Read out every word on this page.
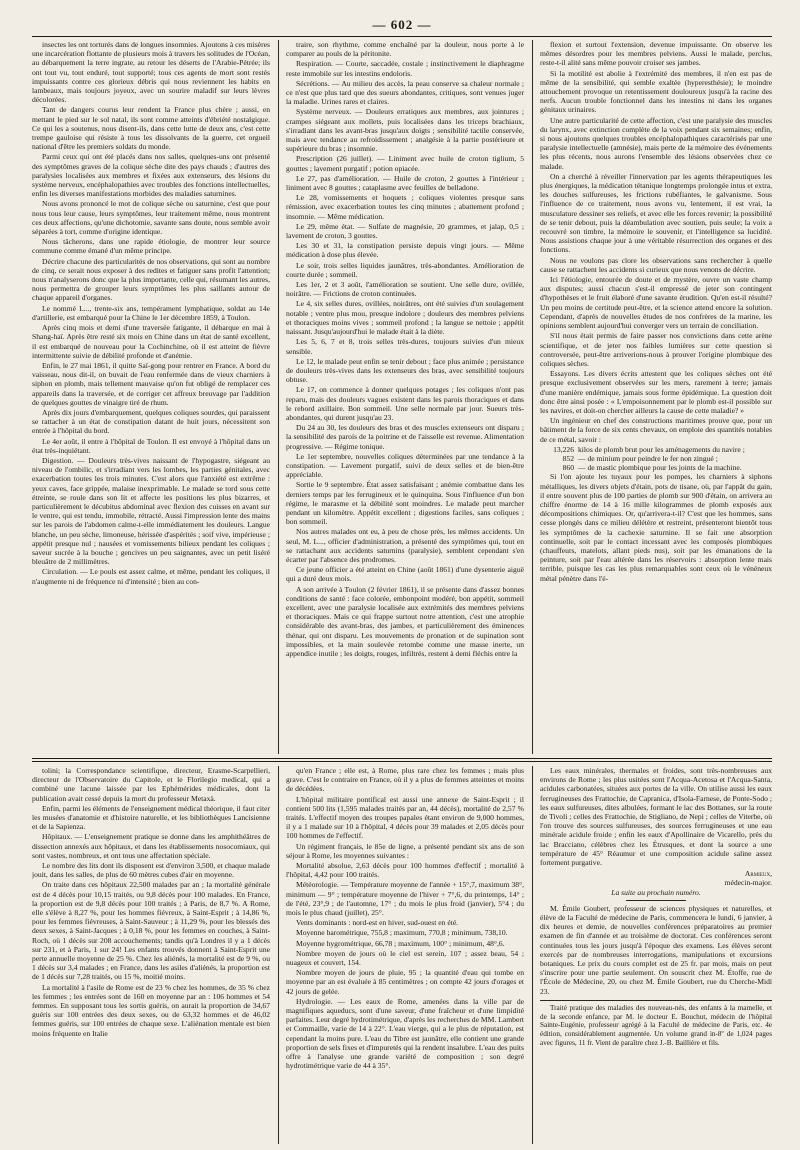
— 602 —

insectes les ont torturés dans de longues insomnies. Ajoutons à ces misères une incarcération flottante de plusieurs mois à travers les solitudes de l'Océan, au débarquement la terre ingrate, au retour les déserts de l'Arabie-Pétrée; ils ont tout vu, tout enduré, tout supporté; tous ces agents de mort sont restés impuissants contre ces glorieux débris qui nous reviennent les habits en lambeaux, mais toujours joyeux, avec un sourire maladif sur leurs lèvres décolorées.

Tant de dangers courus leur rendent la France plus chère ; aussi, en mettant le pied sur le sol natal, ils sont comme atteints d'ébriété nostalgique. Ce qui les a soutenus, nous disent-ils, dans cette lutte de deux ans, c'est cette trempe gauloise qui résiste à tous les dissolvants de la guerre, cet orgueil national d'être les premiers soldats du monde.

Parmi ceux qui ont été placés dans nos salles, quelques-uns ont présenté des symptômes graves de la colique sèche dite des pays chauds ; d'autres des paralysies localisées aux membres et fixées aux extenseurs, des lésions du système nerveux, encéphalopathies avec troubles des fonctions intellectuelles, enfin les diverses manifestations morbides des maladies saturnines.

Nous avons prononcé le mot de colique sèche ou saturnine, c'est que pour nous tous leur cause, leurs symptômes, leur traitement même, nous montrent ces deux affections, qu'une dichotomie, savante sans doute, nous semble avoir séparées à tort, comme d'origine identique.

Nous tâcherons, dans une rapide étiologie, de montrer leur source commune comme émané d'un même principe.

Décrire chacune des particularités de nos observations, qui sont au nombre de cinq, ce serait nous exposer à des redites et fatiguer sans profit l'attention; nous n'analyserons donc que la plus importante, celle qui, résumant les autres, nous permettra de grouper leurs symptômes les plus saillants autour de chaque appareil d'organes.

Le nommé L..., trente-six ans, tempérament lymphatique, soldat au 14e d'artillerie, est embarqué pour la Chine le 1er décembre 1859, à Toulon.

Après cinq mois et demi d'une traversée fatigante, il débarque en mai à Shang-haï. Après être resté six mois en Chine dans un état de santé excellent, il est embarqué de nouveau pour la Cochinchine, où il est atteint de fièvre intermittente suivie de débilité profonde et d'anémie.

Enfin, le 27 mai 1861, il quitte Saï-gong pour rentrer en France. A bord du vaisseau, nous dit-il, on buvait de l'eau renfermée dans de vieux charniers à siphon en plomb, mais tellement mauvaise qu'on fut obligé de remplacer ces appareils dans la traversée, et de corriger cet affreux breuvage par l'addition de quelques gouttes de vinaigre tiré de rhum.

Après dix jours d'embarquement, quelques coliques sourdes, qui paraissent se rattacher à un état de constipation datant de huit jours, nécessitent son entrée à l'hôpital du bord.

Le 4er août, il entre à l'hôpital de Toulon. Il est envoyé à l'hôpital dans un état très-inquiétant.

Digestion. — Douleurs très-vives naissant de l'hypogastre, siégeant au niveau de l'ombilic, et s'irradiant vers les lombes, les parties génitales, avec exacerbation toutes les trois minutes. C'est alors que l'anxiété est extrême : yeux caves, face grippée, malaise inexprimable. Le malade se tord sous cette étreinte, se roule dans son lit et affecte les positions les plus bizarres, et particulièrement le décubitus abdominal avec flexion des cuisses en avant sur le ventre, qui est tendu, immobile, rétracté. Aussi l'impression lente des mains sur les parois de l'abdomen calme-t-elle immédiatement les douleurs. Langue blanche, un peu sèche, limoneuse, hérissée d'aspérités ; soif vive, impérieuse ; appétit presque nul ; nausées et vomissements bilieux pendant les coliques ; saveur sucrée à la bouche ; gencives un peu saignantes, avec un petit liséré bleuâtre de 2 millimètres.

Circulation. — Le pouls est assez calme, et même, pendant les coliques, il n'augmente ni de fréquence ni d'intensité ; bien au con-

traire, son rhythme, comme enchaîné par la douleur, nous porte à le comparer au pouls de la péritonite.

Respiration. — Courte, saccadée, costale ; instinctivement le diaphragme reste immobile sur les intestins endoloris.

Sécrétions. — Au milieu des accès, la peau conserve sa chaleur normale ; ce n'est que plus tard que des sueurs abondantes, critiques, sont venues juger la maladie. Urines rares et claires.

Système nerveux. — Douleurs erratiques aux membres, aux jointures ; crampes siégeant aux mollets, puis localisées dans les triceps brachiaux, s'irradiant dans les avant-bras jusqu'aux doigts ; sensibilité tactile conservée, mais avec tendance au refroidissement ; analgésie à la partie postérieure et supérieure du bras ; insomnie.

Prescription (26 juillet). — Liniment avec huile de croton tiglium, 5 gouttes ; lavement purgatif ; potion opiacée.

Le 27, pas d'amélioration. — Huile de croton, 2 gouttes à l'intérieur ; liniment avec 8 gouttes ; cataplasme avec feuilles de belladone.

Le 28, vomissements et hoquets ; coliques violentes presque sans rémission, avec exacerbation toutes les cinq minutes ; abattement profond ; insomnie. — Même médication.

Le 29, même état. — Sulfate de magnésie, 20 grammes, et jalap, 0,5 ; lavement de croton, 3 gouttes.

Les 30 et 31, la constipation persiste depuis vingt jours. — Même médication à dose plus élevée.

Le soir, trois selles liquides jaunâtres, très-abondantes. Amélioration de courte durée ; sommeil.

Les 1er, 2 et 3 août, l'amélioration se soutient. Une selle dure, ovillée, noirâtre. — Frictions de croton continuées.

Le 4, six selles dures, ovillées, noirâtres, ont été suivies d'un soulagement notable ; ventre plus mou, presque indolore ; douleurs des membres pelviens et thoraciques moins vives ; sommeil profond ; la langue se nettoie ; appétit naissant. Jusqu'aujourd'hui le malade était à la diète.

Les 5, 6, 7 et 8, trois selles très-dures, toujours suivies d'un mieux sensible.

Le 12, le malade peut enfin se tenir debout ; face plus animée ; persistance de douleurs très-vives dans les extenseurs des bras, avec sensibilité toujours obtuse.

Le 17, on commence à donner quelques potages ; les coliques n'ont pas reparu, mais des douleurs vagues existent dans les parois thoraciques et dans le rebord axillaire. Bon sommeil. Une selle normale par jour. Sueurs très-abondantes, qui durent jusqu'au 23.

Du 24 au 30, les douleurs des bras et des muscles extenseurs ont disparu ; la sensibilité des parois de la poitrine et de l'aisselle est revenue. Alimentation progressive. — Régime tonique.

Le 1er septembre, nouvelles coliques déterminées par une tendance à la constipation. — Lavement purgatif, suivi de deux selles et de bien-être appréciable.

Sortie le 9 septembre. État assez satisfaisant ; anémie combattue dans les derniers temps par les ferrugineux et le quinquina. Sous l'influence d'un bon régime, le marasme et la débilité sont moindres. Le malade peut marcher pendant un kilomètre. Appétit excellent ; digestions faciles, sans coliques ; bon sommeil.

Nos autres malades ont eu, à peu de chose près, les mêmes accidents. Un seul, M. L..., officier d'administration, a présenté des symptômes qui, tout en se rattachant aux accidents saturnins (paralysie), semblent cependant s'en écarter par l'absence des prodromes.

Ce jeune officier a été atteint en Chine (août 1861) d'une dysenterie aiguë qui a duré deux mois.

A son arrivée à Toulon (2 février 1861), il se présente dans d'assez bonnes conditions de santé : face colorée, embonpoint modéré, bon appétit, sommeil excellent, avec une paralysie localisée aux extrémités des membres pelviens et thoraciques. Mais ce qui frappe surtout notre attention, c'est une atrophie considérable des avant-bras, des jambes, et particulièrement des éminences thénar, qui ont disparu. Les mouvements de pronation et de supination sont impossibles, et la main soulevée retombe comme une masse inerte, un appendice inutile ; les doigts, rouges, infiltrés, restent à demi fléchis entre la

flexion et surtout l'extension, devenue impuissante. On observe les mêmes désordres pour les membres pelviens. Aussi le malade, perclus, reste-t-il alité sans même pouvoir croiser ses jambes.

Si la motilité est abolie à l'extrémité des membres, il n'en est pas de même de la sensibilité, qui semble exaltée (hyperesthésie); le moindre attouchement provoque un retentissement douloureux jusqu'à la racine des nerfs. Aucun trouble fonctionnel dans les intestins ni dans les organes génitaux urinaires.

Une autre particularité de cette affection, c'est une paralysie des muscles du larynx, avec extinction complète de la voix pendant six semaines; enfin, si nous ajoutons quelques troubles encéphalopathiques caractérisés par une paralysie intellectuelle (amnésie), mais perte de la mémoire des événements les plus récents, nous aurons l'ensemble des lésions observées chez ce malade.

On a cherché à réveiller l'innervation par les agents thérapeutiques les plus énergiques, la médication tétanique longtemps prolongée intus et extra, les douches sulfureuses, les frictions rubéfiantes, le galvanisme. Sous l'influence de ce traitement, nous avons vu, lentement, il est vrai, la musculature dessiner ses reliefs, et avec elle les forces revenir; la possibilité de se tenir debout, puis la déambulation avec soutien, puis seule; la voix a recouvré son timbre, la mémoire le souvenir, et l'intelligence sa lucidité. Nous assistions chaque jour à une véritable résurrection des organes et des fonctions.

Nous ne voulons pas clore les observations sans rechercher à quelle cause se rattachent les accidents si curieux que nous venons de décrire.

Ici l'étiologie, entourée de doute et de mystère, ouvre un vaste champ aux disputes; aussi chacun s'est-il empressé de jeter son contingent d'hypothèses et le fruit élaboré d'une savante érudition. Qu'en est-il résulté? Un peu moins de certitude peut-être, et la science attend encore la solution. Cependant, d'après de nouvelles études de nos confrères de la marine, les opinions semblent aujourd'hui converger vers un terrain de conciliation.

S'il nous était permis de faire passer nos convictions dans cette arène scientifique, et de jeter nos faibles lumières sur cette question si controversée, peut-être arriverions-nous à prouver l'origine plombique des coliques sèches.

Essayons. Les divers écrits attestent que les coliques sèches ont été presque exclusivement observées sur les mers, rarement à terre; jamais d'une manière endémique, jamais sous forme épidémique. La question doit donc être ainsi posée : « L'empoisonnement par le plomb est-il possible sur les navires, et doit-on chercher ailleurs la cause de cette maladie? »

Un ingénieur en chef des constructions maritimes prouve que, pour un bâtiment de la force de six cents chevaux, on emploie des quantités notables de ce métal, savoir :

13,226 kilos de plomb brut pour les aménagements du navire ;
852 — de minium pour peindre le fer non zingué ;
860 — de mastic plombique pour les joints de la machine.

Si l'on ajoute les tuyaux pour les pompes, les charniers à siphons métalliques, les divers objets d'étain, pots de tisane, où, par l'appât du gain, il entre souvent plus de 100 parties de plomb sur 900 d'étain, on arrivera au chiffre énorme de 14 à 16 mille kilogrammes de plomb exposés aux décompositions chimiques. Or, qu'arrivera-t-il? C'est que les hommes, sans cesse plongés dans ce milieu délétère et restreint, présenteront bientôt tous les symptômes de la cachexie saturnine. Il se fait une absorption continuelle, soit par le contact incessant avec les composés plombiques (chauffeurs, matelots, allant pieds nus), soit par les émanations de la peinture, soit par l'eau altérée dans les réservoirs : absorption lente mais terrible, puisque les cas les plus remarquables sont ceux où le vénéneux métal pénètre dans l'é-

tolini; la Correspondance scientifique, directeur, Erasme-Scarpellieri, directeur de l'Observatoire du Capitole, et le Florilegio medical, qui a combiné une lacune laissée par les Ephémérides médicales, dont la publication avait cessé depuis la mort du professeur Metaxà.

Enfin, parmi les éléments de l'enseignement médical théorique, il faut citer les musées d'anatomie et d'histoire naturelle, et les bibliothèques Lancisienne et de la Sapienza.

Hôpitaux. — L'enseignement pratique se donne dans les amphithéâtres de dissection annexés aux hôpitaux, et dans les établissements nosocomiaux, qui sont vastes, nombreux, et ont tous une affectation spéciale.

Le nombre des lits dont ils disposent est d'environ 3,500, et chaque malade jouit, dans les salles, de plus de 60 mètres cubes d'air en moyenne.

On traite dans ces hôpitaux 22,500 malades par an ; la mortalité générale est de 4 décès pour 10,15 traités, ou 9,8 décès pour 100 malades. En France, la proportion est de 9,8 décès pour 100 traités ; à Paris, de 8,7 %. A Rome, elle s'élève à 8,27 %, pour les hommes fiévreux, à Saint-Esprit ; à 14,86 %, pour les femmes fiévreuses, à Saint-Sauveur ; à 11,29 %, pour les blessés des deux sexes, à Saint-Jacques ; à 0,18 %, pour les femmes en couches, à Saint-Roch, où 1 décès sur 208 accouchements; tandis qu'à Londres il y a 1 décès sur 231, et à Paris, 1 sur 24! Les enfants trouvés donnent à Saint-Esprit une perte annuelle moyenne de 25 %. Chez les aliénés, la mortalité est de 9 %, ou 1 décès sur 3,4 malades ; en France, dans les asiles d'aliénés, la proportion est de 1 décès sur 7,28 traités, ou 15 %, moitié moins.

La mortalité à l'asile de Rome est de 23 % chez les hommes, de 35 % chez les femmes ; les entrées sont de 160 en moyenne par an : 106 hommes et 54 femmes. En supposant tous les sortis guéris, on aurait la proportion de 34,67 guéris sur 100 entrées des deux sexes, ou de 63,32 hommes et de 46,02 femmes guéris, sur 100 entrées de chaque sexe. L'aliénation mentale est bien moins fréquente en Italie

qu'en France ; elle est, à Rome, plus rare chez les femmes ; mais plus grave. C'est le contraire en France, où il y a plus de femmes atteintes et moins de décédées.

L'hôpital militaire pontifical est aussi une annexe de Saint-Esprit ; il contient 500 lits (1,595 malades traités par an, 44 décès), mortalité de 2,57 % traités. L'effectif moyen des troupes papales étant environ de 9,000 hommes, il y a 1 malade sur 10 à l'hôpital, 4 décès pour 39 malades et 2,05 décès pour 100 hommes de l'effectif.

Un régiment français, le 85e de ligne, a présenté pendant six ans de son séjour à Rome, les moyennes suivantes :

Mortalité absolue, 2,63 décès pour 100 hommes d'effectif ; mortalité à l'hôpital, 4,42 pour 100 traités.

Météorologie. — Température moyenne de l'année + 15°,7, maximum 38°, minimum — 9° ; température moyenne de l'hiver + 7°,6, du printemps, 14° ; de l'été, 23°,9 ; de l'automne, 17° ; du mois le plus froid (janvier), 5°4 ; du mois le plus chaud (juillet), 25°.

Vents dominants : nord-est en hiver, sud-ouest en été.

Moyenne barométrique, 755,8 ; maximum, 770,8 ; minimum, 738,10.

Moyenne hygrométrique, 66,78 ; maximum, 100° ; minimum, 48°,6.

Nombre moyen de jours où le ciel est serein, 107 ; assez beau, 54 ; nuageux et couvert, 154.

Nombre moyen de jours de pluie, 95 ; la quantité d'eau qui tombe en moyenne par an est évaluée à 85 centimètres ; on compte 42 jours d'orages et 42 jours de gelée.

Hydrologie. — Les eaux de Rome, amenées dans la ville par de magnifiques aqueducs, sont d'une saveur, d'une fraîcheur et d'une limpidité parfaites. Leur degré hydrotimétrique, d'après les recherches de MM. Lambert et Commaille, varie de 14 à 22°. L'eau vierge, qui a le plus de réputation, est cependant la moins pure. L'eau du Tibre est jaunâtre, elle contient une grande proportion de sels fixes et d'impuretés qui la rendent insalubre. L'eau des puits offre à l'analyse une grande variété de composition ; son degré hydrotimétrique varie de 44 à 35°.

Les eaux minérales, thermales et froides, sont très-nombreuses aux environs de Rome ; les plus usitées sont l'Acqua-Acetosa et l'Acqua-Santa, acidules carbonatées, situées aux portes de la ville. On utilise aussi les eaux ferrugineuses des Frattochie, de Capranica, d'Isola-Farnese, de Ponte-Sodo ; les eaux sulfureuses, dites albulées, formant le lac des Bottanes, sur la route de Tivoli ; celles des Frattochie, de Stigliano, de Nepi ; celles de Viterbe, où l'on trouve des sources sulfureuses, des sources ferrugineuses et une eau minérale acidule froide ; enfin les eaux d'Apollinaire de Vicarello, près du lac Bracciano, célèbres chez les Étrusques, et dont la source a une température de 45° Réaumur et une composition acidule saline assez fortement purgative.

Armieux,
médecin-major.

La suite au prochain numéro.

M. Émile Goubert, professeur de sciences physiques et naturelles, et élève de la Faculté de médecine de Paris, commencera le lundi, 6 janvier, à dix heures et demie, de nouvelles conférences préparatoires au premier examen de fin d'année et au troisième de doctorat. Ces conférences seront continuées tous les jours jusqu'à l'époque des examens. Les élèves seront exercés par de nombreuses interrogations, manipulations et excursions botaniques. Le prix du cours complet est de 25 fr. par mois, mais on peut s'inscrire pour une partie seulement. On souscrit chez M. Étoffe, rue de l'École de Médecine, 20, ou chez M. Émile Goubert, rue du Cherche-Midi 23.

Traité pratique des maladies des nouveau-nés, des enfants à la mamelle, et de la seconde enfance, par M. le docteur E. Bouchut, médecin de l'hôpital Sainte-Eugénie, professeur agrégé à la Faculté de médecine de Paris, etc. 4e édition, considérablement augmentée. Un volume grand in-8º de 1,024 pages avec figures, 11 fr. Vient de paraître chez J.-B. Baillière et fils.
